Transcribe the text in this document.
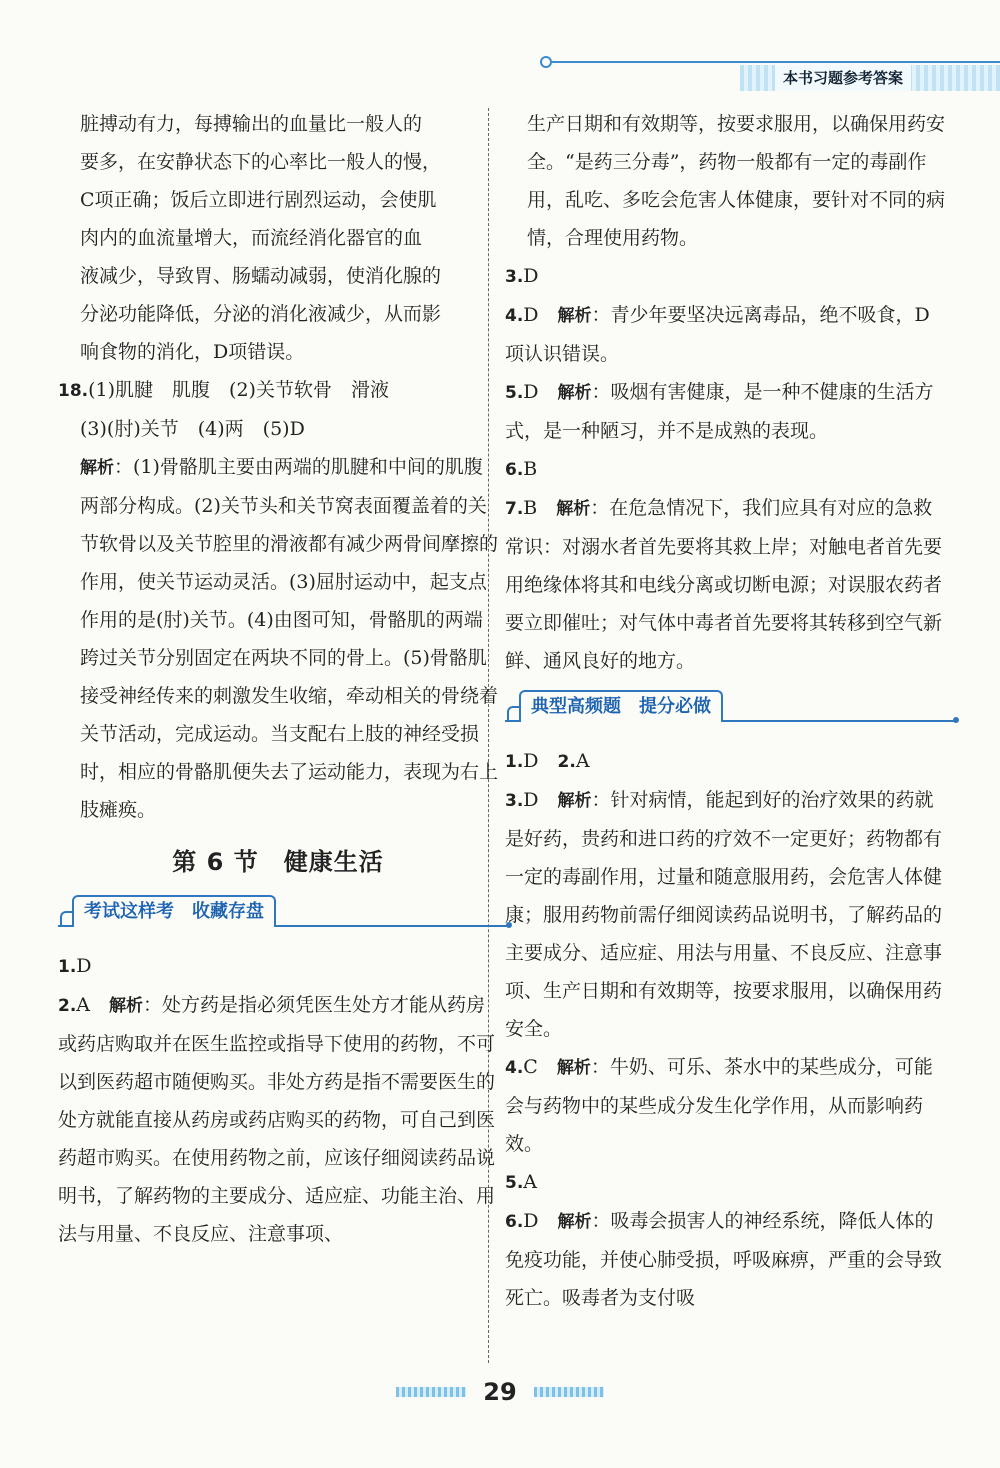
本书习题参考答案
脏搏动有力，每搏输出的血量比一般人的
要多，在安静状态下的心率比一般人的慢，
C项正确；饭后立即进行剧烈运动，会使肌
肉内的血流量增大，而流经消化器官的血
液减少，导致胃、肠蠕动减弱，使消化腺的
分泌功能降低，分泌的消化液减少，从而影
响食物的消化，D项错误。
18.(1)肌腱　肌腹　(2)关节软骨　滑液
(3)(肘)关节　(4)两　(5)D
解析：(1)骨骼肌主要由两端的肌腱和中间的肌腹两部分构成。(2)关节头和关节窝表面覆盖着的关节软骨以及关节腔里的滑液都有减少两骨间摩擦的作用，使关节运动灵活。(3)屈肘运动中，起支点作用的是(肘)关节。(4)由图可知，骨骼肌的两端跨过关节分别固定在两块不同的骨上。(5)骨骼肌接受神经传来的刺激发生收缩，牵动相关的骨绕着关节活动，完成运动。当支配右上肢的神经受损时，相应的骨骼肌便失去了运动能力，表现为右上肢瘫痪。
第 6 节　健康生活
考试这样考　收藏存盘
1.D
2.A　 解析：处方药是指必须凭医生处方才能从药房或药店购取并在医生监控或指导下使用的药物，不可以到医药超市随便购买。非处方药是指不需要医生的处方就能直接从药房或药店购买的药物，可自己到医药超市购买。在使用药物之前，应该仔细阅读药品说明书，了解药物的主要成分、适应症、功能主治、用法与用量、不良反应、注意事项、
生产日期和有效期等，按要求服用，以确保用药安全。“是药三分毒”，药物一般都有一定的毒副作用，乱吃、多吃会危害人体健康，要针对不同的病情，合理使用药物。
3.D
4.D　 解析：青少年要坚决远离毒品，绝不吸食，D项认识错误。
5.D　 解析：吸烟有害健康，是一种不健康的生活方式，是一种陋习，并不是成熟的表现。
6.B
7.B　 解析：在危急情况下，我们应具有对应的急救常识：对溺水者首先要将其救上岸；对触电者首先要用绝缘体将其和电线分离或切断电源；对误服农药者要立即催吐；对气体中毒者首先要将其转移到空气新鲜、通风良好的地方。
典型高频题　提分必做
1.D　 2.A
3.D　 解析：针对病情，能起到好的治疗效果的药就是好药，贵药和进口药的疗效不一定更好；药物都有一定的毒副作用，过量和随意服用药，会危害人体健康；服用药物前需仔细阅读药品说明书，了解药品的主要成分、适应症、用法与用量、不良反应、注意事项、生产日期和有效期等，按要求服用，以确保用药安全。
4.C　 解析：牛奶、可乐、茶水中的某些成分，可能会与药物中的某些成分发生化学作用，从而影响药效。
5.A
6.D　 解析：吸毒会损害人的神经系统，降低人体的免疫功能，并使心肺受损，呼吸麻痹，严重的会导致死亡。吸毒者为支付吸
29
